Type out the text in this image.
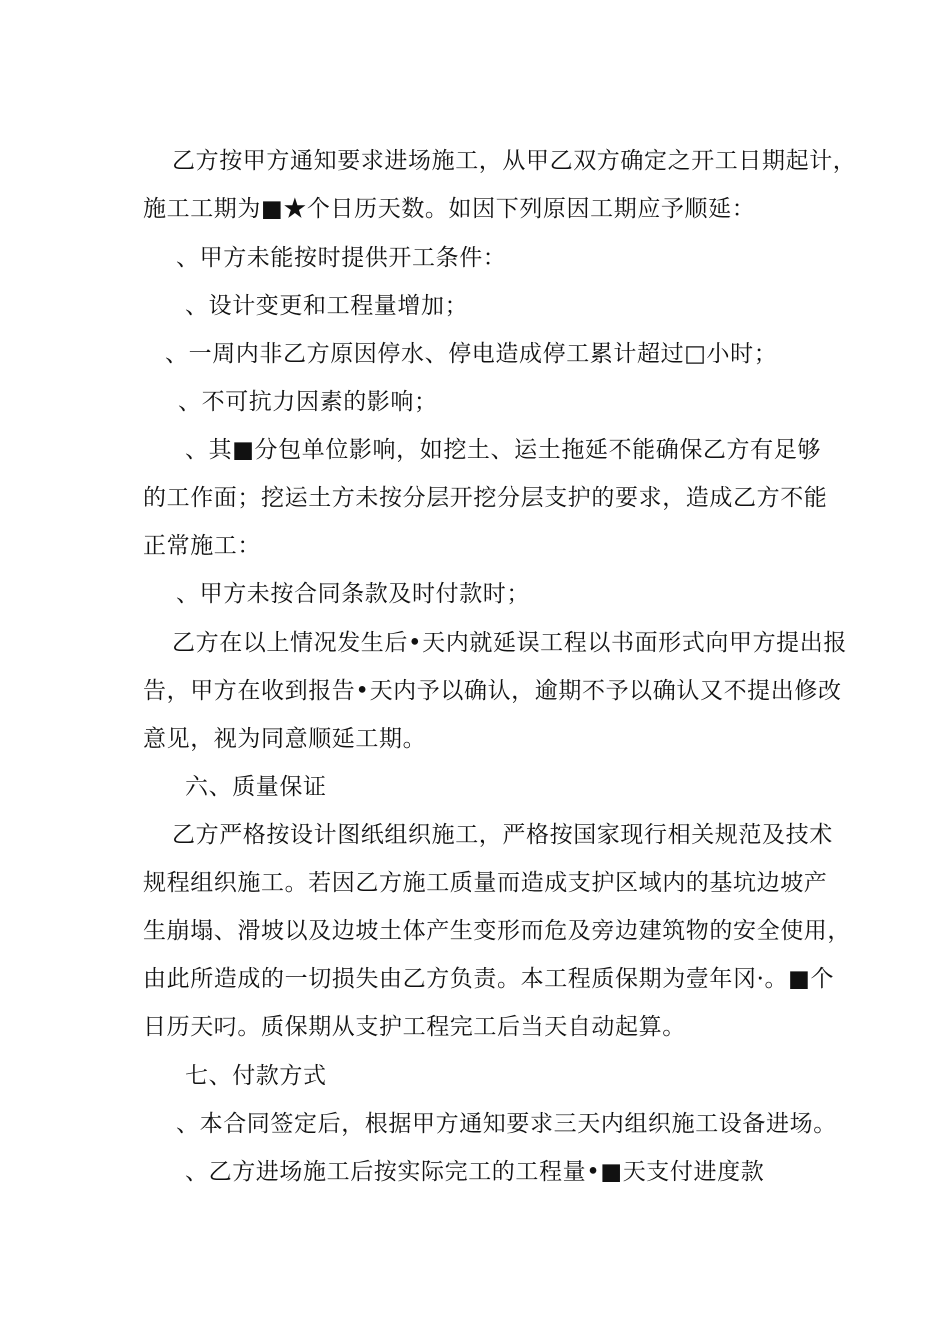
乙方按甲方通知要求进场施工，从甲乙双方确定之开工日期起计，
施工工期为■★个日历天数。如因下列原因工期应予顺延：
、甲方未能按时提供开工条件：
、设计变更和工程量增加；
、一周内非乙方原因停水、停电造成停工累计超过□小时；
、不可抗力因素的影响；
、其■分包单位影响，如挖土、运土拖延不能确保乙方有足够
的工作面；挖运土方未按分层开挖分层支护的要求，造成乙方不能
正常施工：
、甲方未按合同条款及时付款时；
乙方在以上情况发生后•天内就延误工程以书面形式向甲方提出报
告，甲方在收到报告•天内予以确认，逾期不予以确认又不提出修改
意见，视为同意顺延工期。
六、质量保证
乙方严格按设计图纸组织施工，严格按国家现行相关规范及技术
规程组织施工。若因乙方施工质量而造成支护区域内的基坑边坡产
生崩塌、滑坡以及边坡土体产生变形而危及旁边建筑物的安全使用，
由此所造成的一切损失由乙方负责。本工程质保期为壹年冈·。■个
日历天叼。质保期从支护工程完工后当天自动起算。
七、付款方式
、本合同签定后，根据甲方通知要求三天内组织施工设备进场。
、乙方进场施工后按实际完工的工程量•■天支付进度款
